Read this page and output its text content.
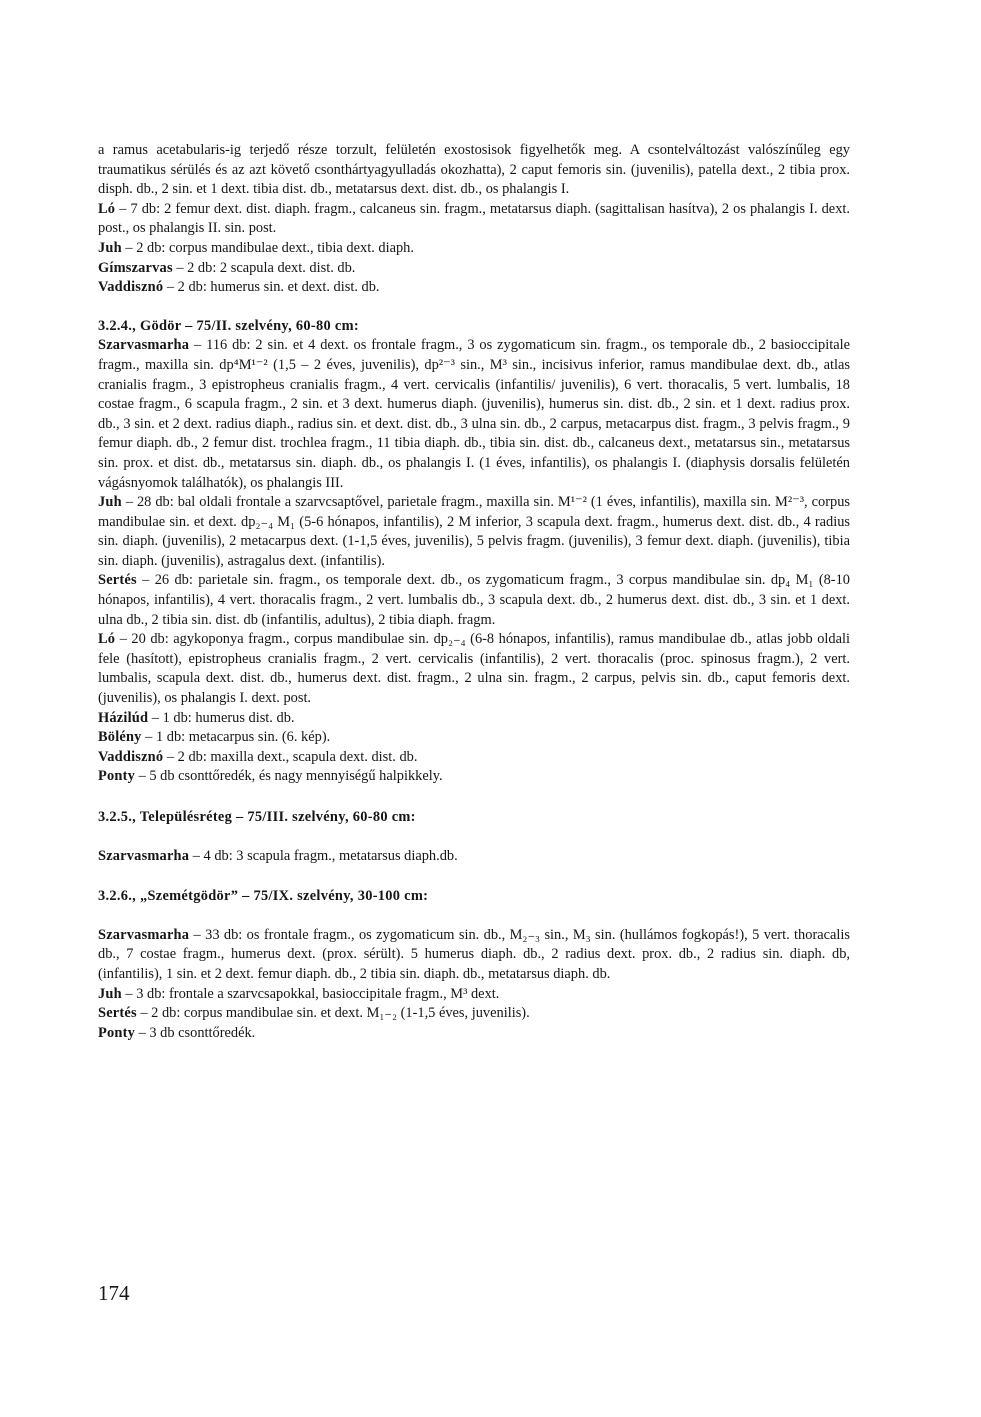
a ramus acetabularis-ig terjedő része torzult, felületén exostosisok figyelhetők meg. A csontelváltozást valószínűleg egy traumatikus sérülés és az azt követő csonthártyagyulladás okozhatta), 2 caput femoris sin. (juvenilis), patella dext., 2 tibia prox. disph. db., 2 sin. et 1 dext. tibia dist. db., metatarsus dext. dist. db., os phalangis I.

Ló – 7 db: 2 femur dext. dist. diaph. fragm., calcaneus sin. fragm., metatarsus diaph. (sagittalisan hasítva), 2 os phalangis I. dext. post., os phalangis II. sin. post.

Juh – 2 db: corpus mandibulae dext., tibia dext. diaph.

Gímszarvas – 2 db: 2 scapula dext. dist. db.

Vaddisznó – 2 db: humerus sin. et dext. dist. db.

3.2.4., Gödör – 75/II. szelvény, 60-80 cm:

Szarvasmarha – 116 db: 2 sin. et 4 dext. os frontale fragm., 3 os zygomaticum sin. fragm., os temporale db., 2 basioccipitale fragm., maxilla sin. dp⁴M¹⁻² (1,5 – 2 éves, juvenilis), dp²⁻³ sin., M³ sin., incisivus inferior, ramus mandibulae dext. db., atlas cranialis fragm., 3 epistropheus cranialis fragm., 4 vert. cervicalis (infantilis/ juvenilis), 6 vert. thoracalis, 5 vert. lumbalis, 18 costae fragm., 6 scapula fragm., 2 sin. et 3 dext. humerus diaph. (juvenilis), humerus sin. dist. db., 2 sin. et 1 dext. radius prox. db., 3 sin. et 2 dext. radius diaph., radius sin. et dext. dist. db., 3 ulna sin. db., 2 carpus, metacarpus dist. fragm., 3 pelvis fragm., 9 femur diaph. db., 2 femur dist. trochlea fragm., 11 tibia diaph. db., tibia sin. dist. db., calcaneus dext., metatarsus sin., metatarsus sin. prox. et dist. db., metatarsus sin. diaph. db., os phalangis I. (1 éves, infantilis), os phalangis I. (diaphysis dorsalis felületén vágásnyomok találhatók), os phalangis III.

Juh – 28 db: bal oldali frontale a szarvcsaptővel, parietale fragm., maxilla sin. M¹⁻² (1 éves, infantilis), maxilla sin. M²⁻³, corpus mandibulae sin. et dext. dp₂₋₄ M₁ (5-6 hónapos, infantilis), 2 M inferior, 3 scapula dext. fragm., humerus dext. dist. db., 4 radius sin. diaph. (juvenilis), 2 metacarpus dext. (1-1,5 éves, juvenilis), 5 pelvis fragm. (juvenilis), 3 femur dext. diaph. (juvenilis), tibia sin. diaph. (juvenilis), astragalus dext. (infantilis).

Sertés – 26 db: parietale sin. fragm., os temporale dext. db., os zygomaticum fragm., 3 corpus mandibulae sin. dp₄ M₁ (8-10 hónapos, infantilis), 4 vert. thoracalis fragm., 2 vert. lumbalis db., 3 scapula dext. db., 2 humerus dext. dist. db., 3 sin. et 1 dext. ulna db., 2 tibia sin. dist. db (infantilis, adultus), 2 tibia diaph. fragm.

Ló – 20 db: agykoponya fragm., corpus mandibulae sin. dp₂₋₄ (6-8 hónapos, infantilis), ramus mandibulae db., atlas jobb oldali fele (hasított), epistropheus cranialis fragm., 2 vert. cervicalis (infantilis), 2 vert. thoracalis (proc. spinosus fragm.), 2 vert. lumbalis, scapula dext. dist. db., humerus dext. dist. fragm., 2 ulna sin. fragm., 2 carpus, pelvis sin. db., caput femoris dext. (juvenilis), os phalangis I. dext. post.

Házilúd – 1 db: humerus dist. db.

Bölény – 1 db: metacarpus sin. (6. kép).

Vaddisznó – 2 db: maxilla dext., scapula dext. dist. db.

Ponty – 5 db csonttőredék, és nagy mennyiségű halpikkely.

3.2.5., Településréteg – 75/III. szelvény, 60-80 cm:

Szarvasmarha – 4 db: 3 scapula fragm., metatarsus diaph.db.

3.2.6., „Szemétgödör” – 75/IX. szelvény, 30-100 cm:

Szarvasmarha – 33 db: os frontale fragm., os zygomaticum sin. db., M₂₋₃ sin., M₃ sin. (hullámos fogkopás!), 5 vert. thoracalis db., 7 costae fragm., humerus dext. (prox. sérült). 5 humerus diaph. db., 2 radius dext. prox. db., 2 radius sin. diaph. db, (infantilis), 1 sin. et 2 dext. femur diaph. db., 2 tibia sin. diaph. db., metatarsus diaph. db.

Juh – 3 db: frontale a szarvcsapokkal, basioccipitale fragm., M³ dext.

Sertés – 2 db: corpus mandibulae sin. et dext. M₁₋₂ (1-1,5 éves, juvenilis).

Ponty – 3 db csonttőredék.

174
